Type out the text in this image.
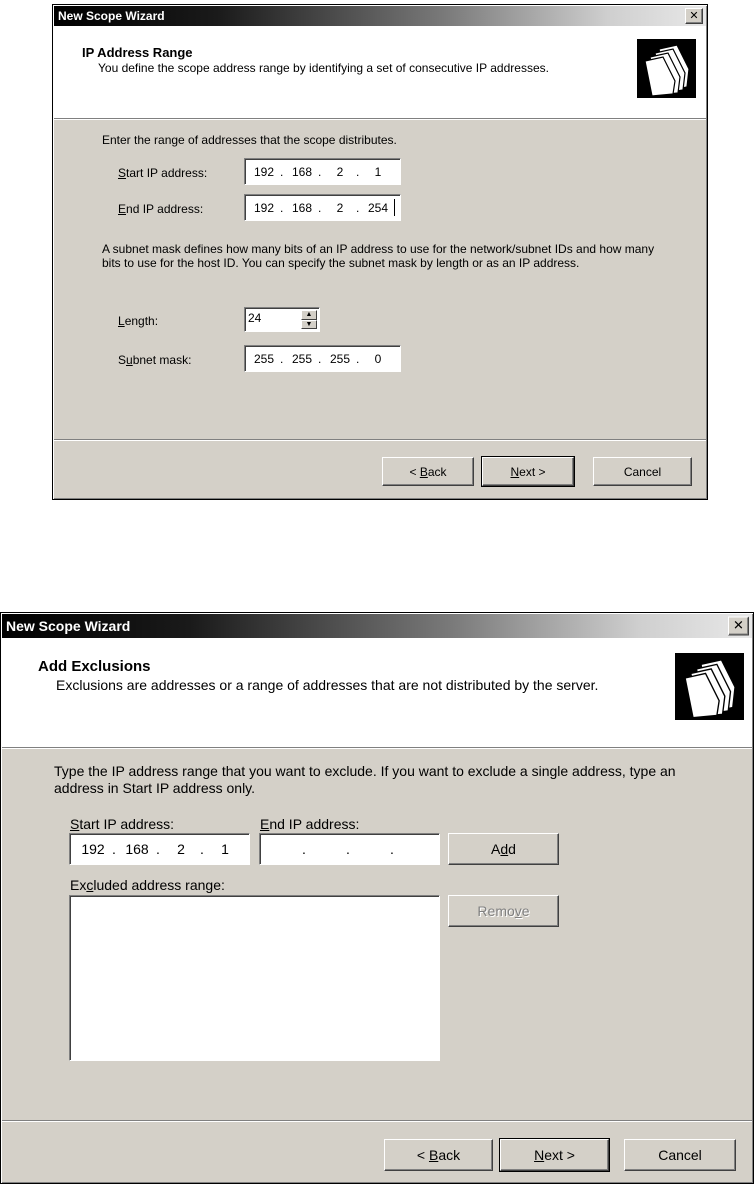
New Scope Wizard	✕
IP Address Range
You define the scope address range by identifying a set of consecutive IP addresses.
Enter the range of addresses that the scope distributes.
Start IP address:	192 . 168 .	2	.	1
End IP address:	192 . 168 .	2	. 254
A subnet mask defines how many bits of an IP address to use for the network/subnet IDs and how many bits to use for the host ID. You can specify the subnet mask by length or as an IP address.
Length:	24	▲
▼
Subnet mask:	255 . 255 . 255 .	0
< Back	Next >	Cancel
New Scope Wizard	✕
Add Exclusions
Exclusions are addresses or a range of addresses that are not distributed by the server.
Type the IP address range that you want to exclude. If you want to exclude a single address, type an address in Start IP address only.
Start IP address:
192 . 168 .	2	.	1
End IP address:
.	.	.	Add
Excluded address range:
Remove
< Back	Next >	Cancel
